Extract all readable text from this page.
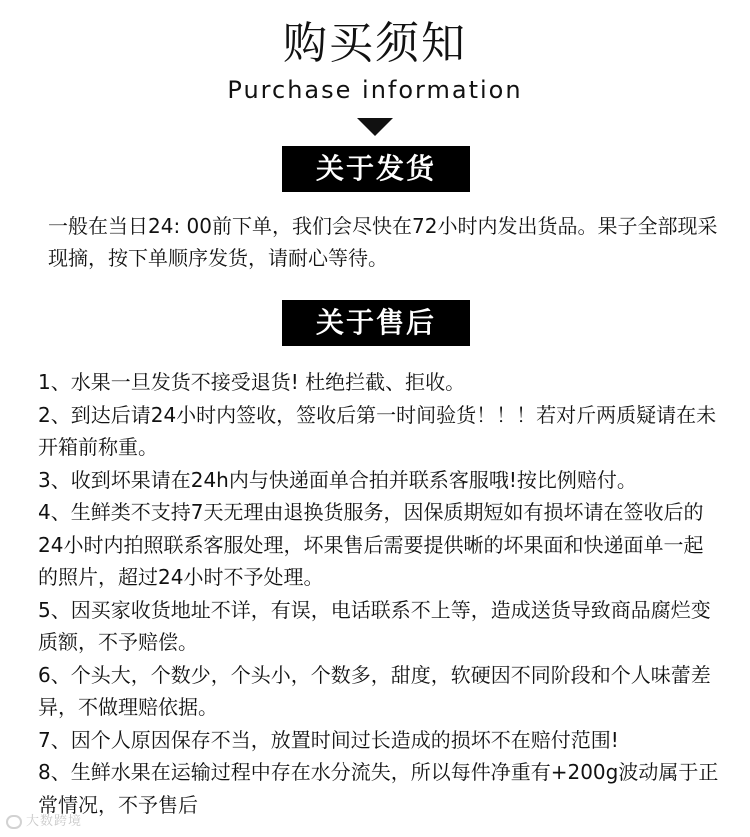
购买须知
Purchase information
关于发货
一般在当日24: 00前下单，我们会尽快在72小时内发出货品。果子全部现采现摘，按下单顺序发货，请耐心等待。
关于售后
1、水果一旦发货不接受退货! 杜绝拦截、拒收。
2、到达后请24小时内签收，签收后第一时间验货！！！若对斤两质疑请在未开箱前称重。
3、收到坏果请在24h内与快递面单合拍并联系客服哦!按比例赔付。
4、生鲜类不支持7天无理由退换货服务，因保质期短如有损坏请在签收后的24小时内拍照联系客服处理，坏果售后需要提供晰的坏果面和快递面单一起的照片，超过24小时不予处理。
5、因买家收货地址不详，有误，电话联系不上等，造成送货导致商品腐烂变质额，不予赔偿。
6、个头大，个数少，个头小，个数多，甜度，软硬因不同阶段和个人味蕾差异，不做理赔依据。
7、因个人原因保存不当，放置时间过长造成的损坏不在赔付范围!
8、生鲜水果在运输过程中存在水分流失，所以每件净重有+200g波动属于正常情况，不予售后
大数跨境
